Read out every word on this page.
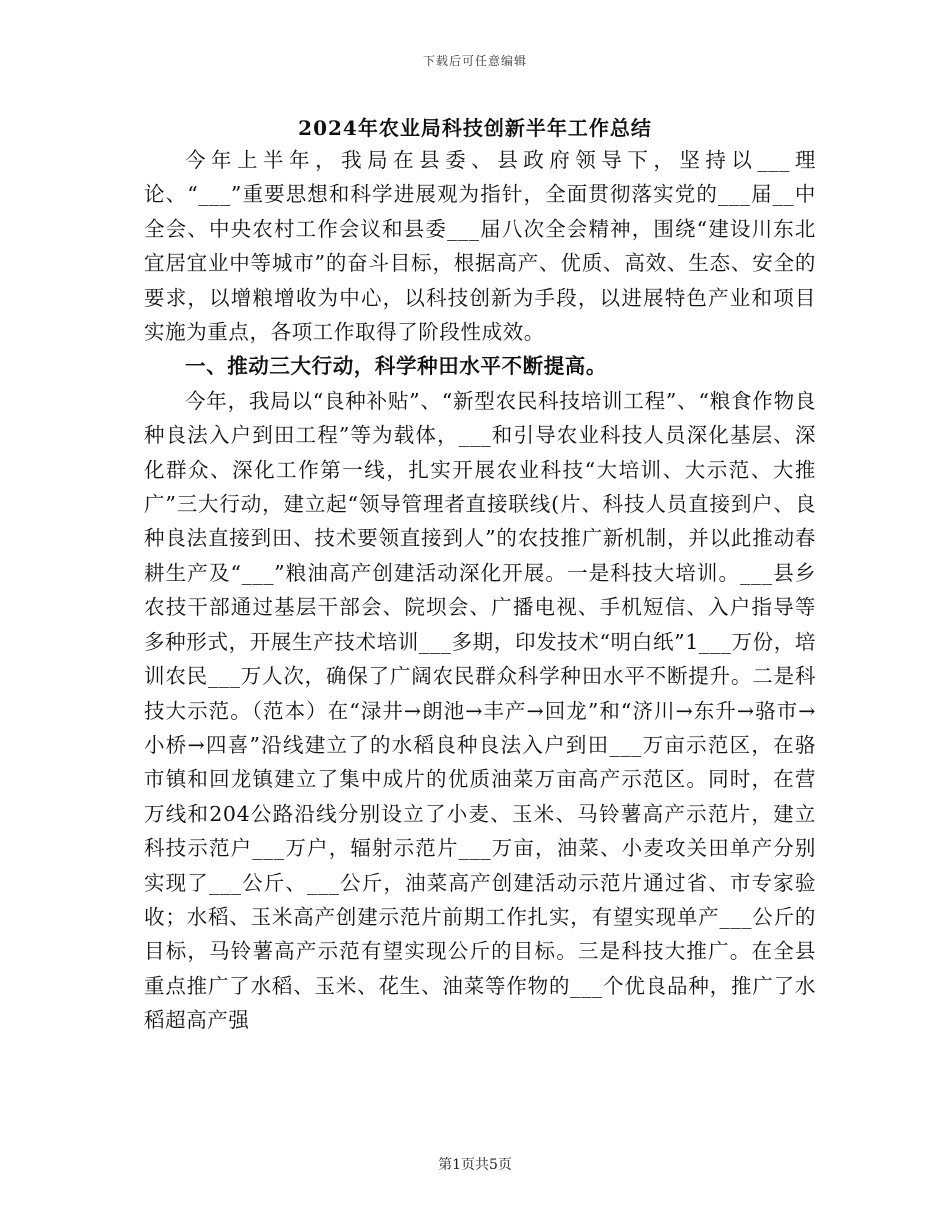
下载后可任意编辑
2024年农业局科技创新半年工作总结

今年上半年，我局在县委、县政府领导下，坚持以___理论、“___”重要思想和科学进展观为指针，全面贯彻落实党的___届__中全会、中央农村工作会议和县委___届八次全会精神，围绕“建设川东北宜居宜业中等城市”的奋斗目标，根据高产、优质、高效、生态、安全的要求，以增粮增收为中心，以科技创新为手段，以进展特色产业和项目实施为重点，各项工作取得了阶段性成效。

一、推动三大行动，科学种田水平不断提高。

今年，我局以“良种补贴”、“新型农民科技培训工程”、“粮食作物良种良法入户到田工程”等为载体，___和引导农业科技人员深化基层、深化群众、深化工作第一线，扎实开展农业科技“大培训、大示范、大推广”三大行动，建立起“领导管理者直接联线(片、科技人员直接到户、良种良法直接到田、技术要领直接到人”的农技推广新机制，并以此推动春耕生产及“___”粮油高产创建活动深化开展。一是科技大培训。___县乡农技干部通过基层干部会、院坝会、广播电视、手机短信、入户指导等多种形式，开展生产技术培训___多期，印发技术“明白纸”1___万份，培训农民___万人次，确保了广阔农民群众科学种田水平不断提升。二是科技大示范。（范本）在“渌井→朗池→丰产→回龙”和“济川→东升→骆市→小桥→四喜”沿线建立了的水稻良种良法入户到田___万亩示范区，在骆市镇和回龙镇建立了集中成片的优质油菜万亩高产示范区。同时，在营万线和204公路沿线分别设立了小麦、玉米、马铃薯高产示范片，建立科技示范户___万户，辐射示范片___万亩，油菜、小麦攻关田单产分别实现了___公斤、___公斤，油菜高产创建活动示范片通过省、市专家验收；水稻、玉米高产创建示范片前期工作扎实，有望实现单产___公斤的目标，马铃薯高产示范有望实现公斤的目标。三是科技大推广。在全县重点推广了水稻、玉米、花生、油菜等作物的___个优良品种，推广了水稻超高产强

第1页共5页
